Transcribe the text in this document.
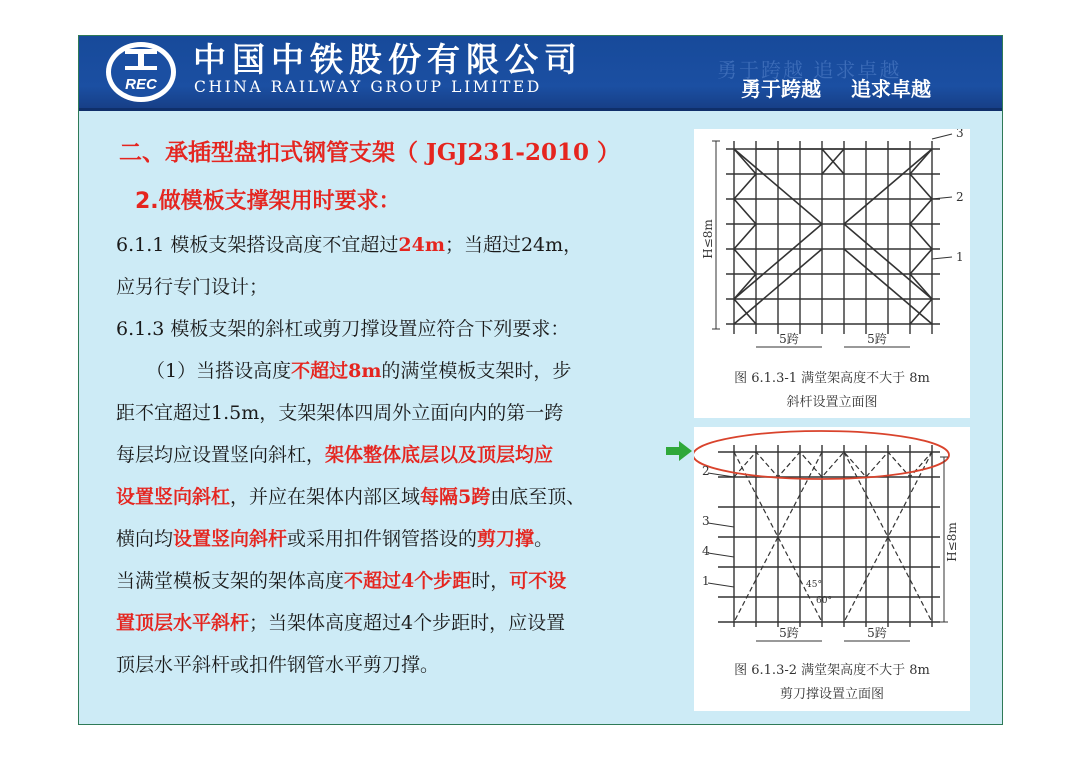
REC
中国中铁股份有限公司
CHINA RAILWAY GROUP LIMITED
勇于跨越 追求卓越
勇于跨越 追求卓越
二、承插型盘扣式钢管支架（ JGJ231-2010 ）
2.做模板支撑架用时要求：
6.1.1 模板支架搭设高度不宜超过24m；当超过24m，
应另行专门设计；
6.1.3 模板支架的斜杠或剪刀撑设置应符合下列要求：
（1）当搭设高度不超过8m的满堂模板支架时，步
距不宜超过1.5m，支架架体四周外立面向内的第一跨
每层均应设置竖向斜杠，架体整体底层以及顶层均应
设置竖向斜杠，并应在架体内部区域每隔5跨由底至顶、
横向均设置竖向斜杆或采用扣件钢管搭设的剪刀撑。
当满堂模板支架的架体高度不超过4个步距时，可不设
置顶层水平斜杆；当架体高度超过4个步距时，应设置
顶层水平斜杆或扣件钢管水平剪刀撑。
H≤8m
3
2
1
5跨	5跨
图 6.1.3-1 满堂架高度不大于 8m
斜杆设置立面图
H≤8m
2
3
4
1	45°
60°
5跨	5跨
图 6.1.3-2 满堂架高度不大于 8m
剪刀撑设置立面图
